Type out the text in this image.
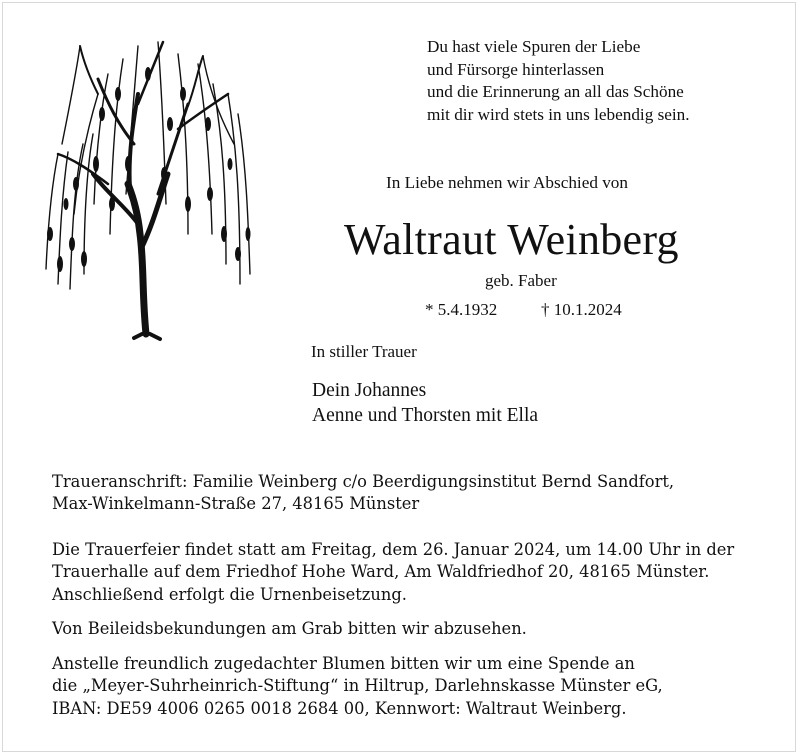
Du hast viele Spuren der Liebe
und Fürsorge hinterlassen
und die Erinnerung an all das Schöne
mit dir wird stets in uns lebendig sein.
In Liebe nehmen wir Abschied von
Waltraut Weinberg
geb. Faber
* 5.4.1932	† 10.1.2024
In stiller Trauer
Dein Johannes
Aenne und Thorsten mit Ella
Traueranschrift: Familie Weinberg c/o Beerdigungsinstitut Bernd Sandfort,
Max-Winkelmann-Straße 27, 48165 Münster
Die Trauerfeier findet statt am Freitag, dem 26. Januar 2024, um 14.00 Uhr in der
Trauerhalle auf dem Friedhof Hohe Ward, Am Waldfriedhof 20, 48165 Münster.
Anschließend erfolgt die Urnenbeisetzung.
Von Beileidsbekundungen am Grab bitten wir abzusehen.
Anstelle freundlich zugedachter Blumen bitten wir um eine Spende an
die „Meyer-Suhrheinrich-Stiftung“ in Hiltrup, Darlehnskasse Münster eG,
IBAN: DE59 4006 0265 0018 2684 00, Kennwort: Waltraut Weinberg.
